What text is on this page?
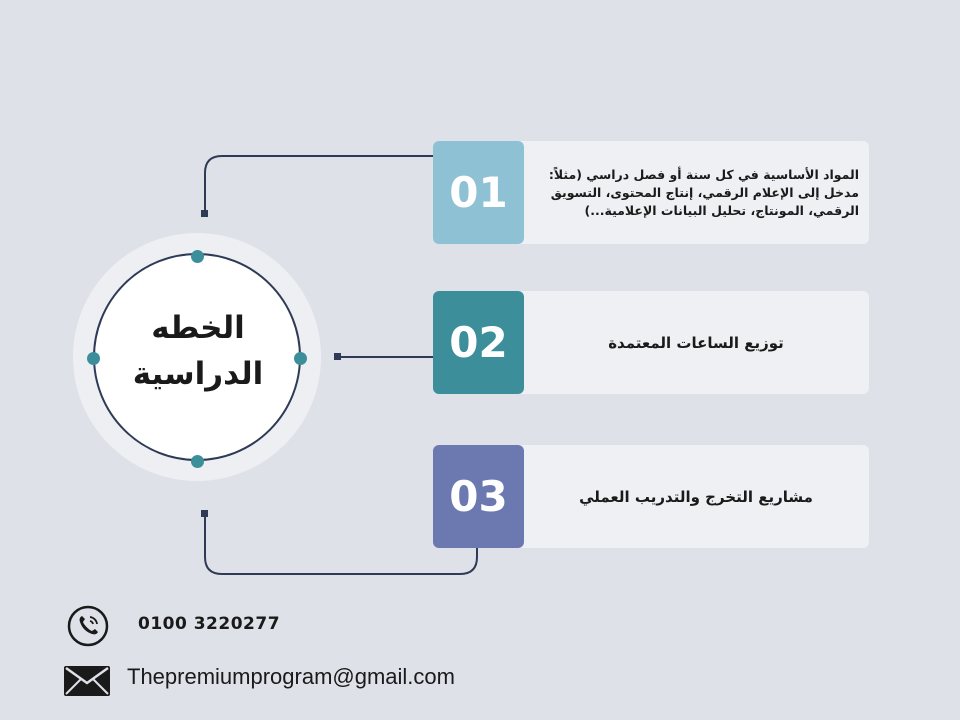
الخطه
الدراسية
01	المواد الأساسية في كل سنة أو فصل دراسي (مثلاً: مدخل إلى الإعلام الرقمي، إنتاج المحتوى، التسويق الرقمي، المونتاج، تحليل البيانات الإعلامية...)
02	توزيع الساعات المعتمدة
03	مشاريع التخرج والتدريب العملي
0100 3220277
Thepremiumprogram@gmail.com
